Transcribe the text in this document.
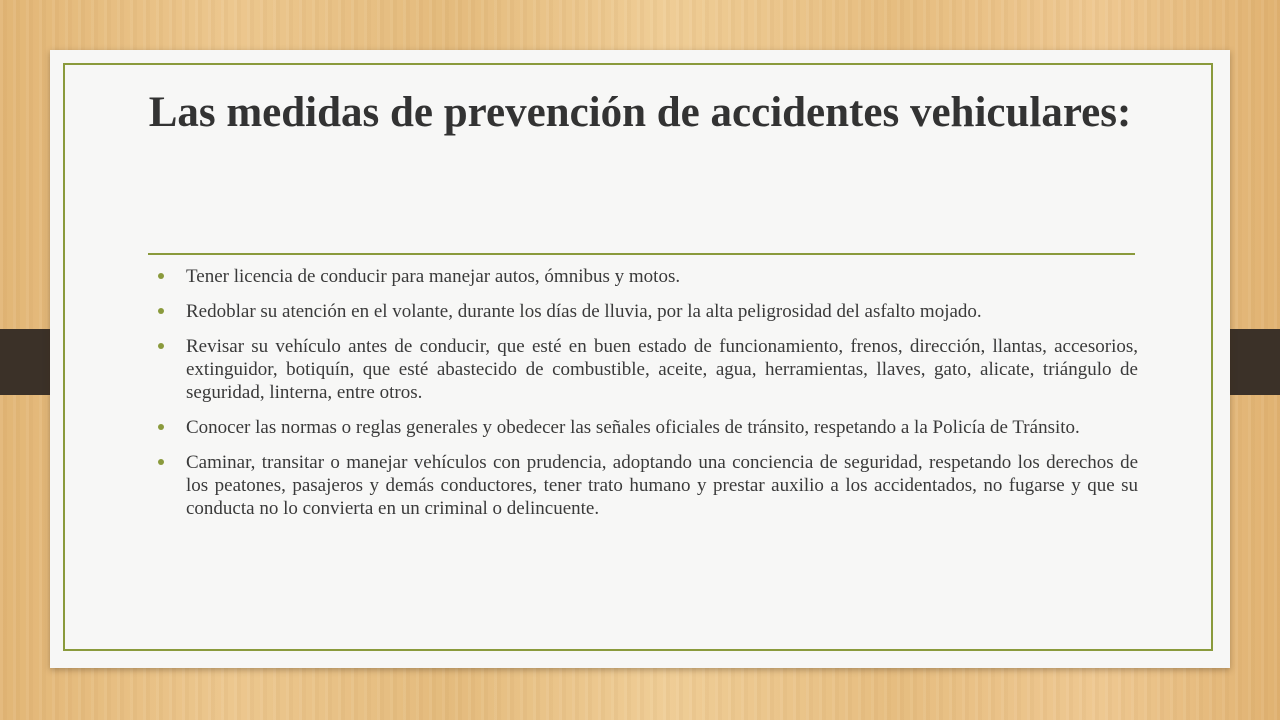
Las medidas de prevención de accidentes vehiculares:
Tener licencia de conducir para manejar autos, ómnibus y motos.
Redoblar su atención en el volante, durante los días de lluvia, por la alta peligrosidad del asfalto mojado.
Revisar su vehículo antes de conducir, que esté en buen estado de funcionamiento, frenos, dirección, llantas, accesorios, extinguidor, botiquín, que esté abastecido de combustible, aceite, agua, herramientas, llaves, gato, alicate, triángulo de seguridad, linterna, entre otros.
Conocer las normas o reglas generales y obedecer las señales oficiales de tránsito, respetando a la Policía de Tránsito.
Caminar, transitar o manejar vehículos con prudencia, adoptando una conciencia de seguridad, respetando los derechos de los peatones, pasajeros y demás conductores, tener trato humano y prestar auxilio a los accidentados, no fugarse y que su conducta no lo convierta en un criminal o delincuente.
